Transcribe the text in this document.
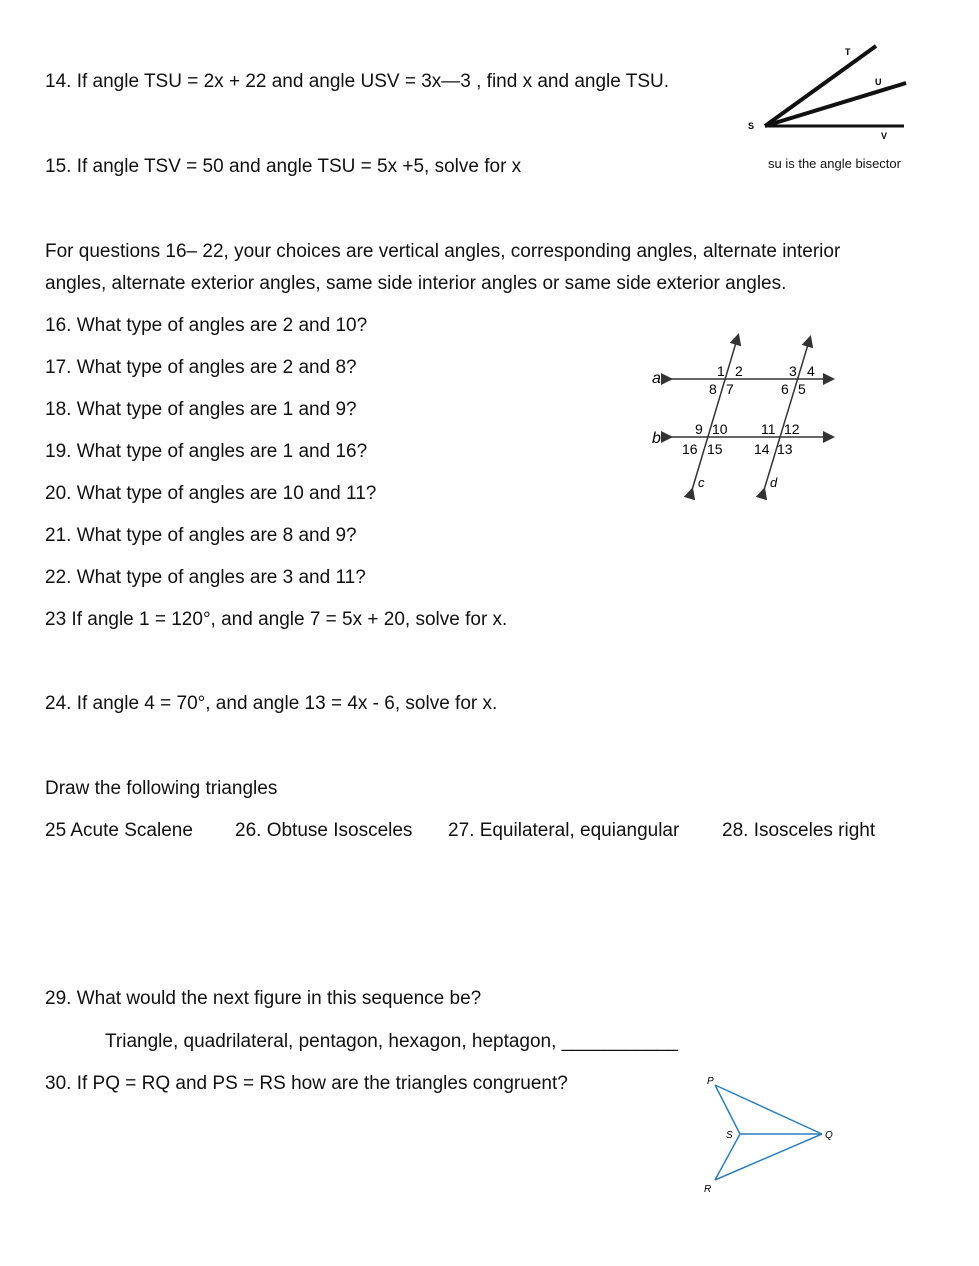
14. If angle TSU = 2x + 22 and angle USV = 3x—3 , find x and angle TSU.
15. If angle TSV = 50 and angle TSU = 5x +5, solve for x
T
U
V
S
su is the angle bisector
For questions 16– 22, your choices are vertical angles, corresponding angles, alternate interior
angles, alternate exterior angles, same side interior angles or same side exterior angles.
16. What type of angles are 2 and 10?
17. What type of angles are 2 and 8?
18. What type of angles are 1 and 9?
19. What type of angles are 1 and 16?
20. What type of angles are 10 and 11?
21. What type of angles are 8 and 9?
22. What type of angles are 3 and 11?
23 If angle 1 = 120°, and angle 7 = 5x + 20, solve for x.
a
b
c	d
1 2
8 7
3 4
6 5
9 10
16 15
11 12
14 13
24. If angle 4 = 70°, and angle 13 = 4x - 6, solve for x.
Draw the following triangles
25 Acute Scalene 26. Obtuse Isosceles 27. Equilateral, equiangular 28. Isosceles right
29. What would the next figure in this sequence be?
Triangle, quadrilateral, pentagon, hexagon, heptagon, ___________
30. If PQ = RQ and PS = RS how are the triangles congruent?	P
Q
S
R
